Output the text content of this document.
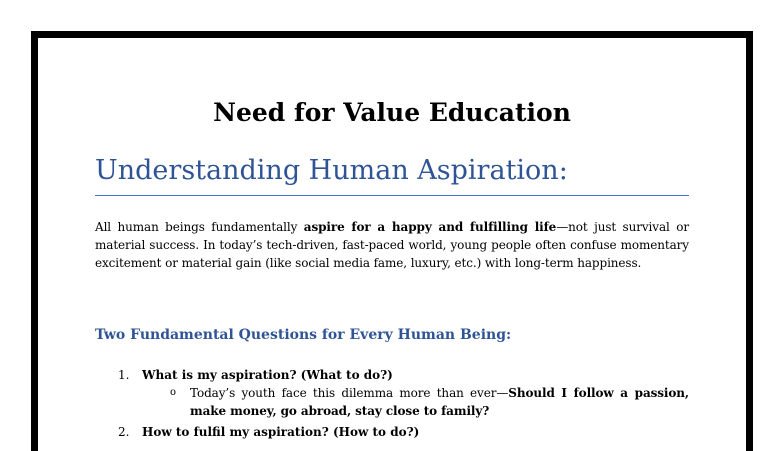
Need for Value Education
Understanding Human Aspiration:

All human beings fundamentally aspire for a happy and fulfilling life—not just survival or material success. In today’s tech-driven, fast-paced world, young people often confuse momentary excitement or material gain (like social media fame, luxury, etc.) with long-term happiness.

Two Fundamental Questions for Every Human Being:

1. What is my aspiration? (What to do?)

o Today’s youth face this dilemma more than ever—Should I follow a passion, make money, go abroad, stay close to family?

2. How to fulfil my aspiration? (How to do?)
